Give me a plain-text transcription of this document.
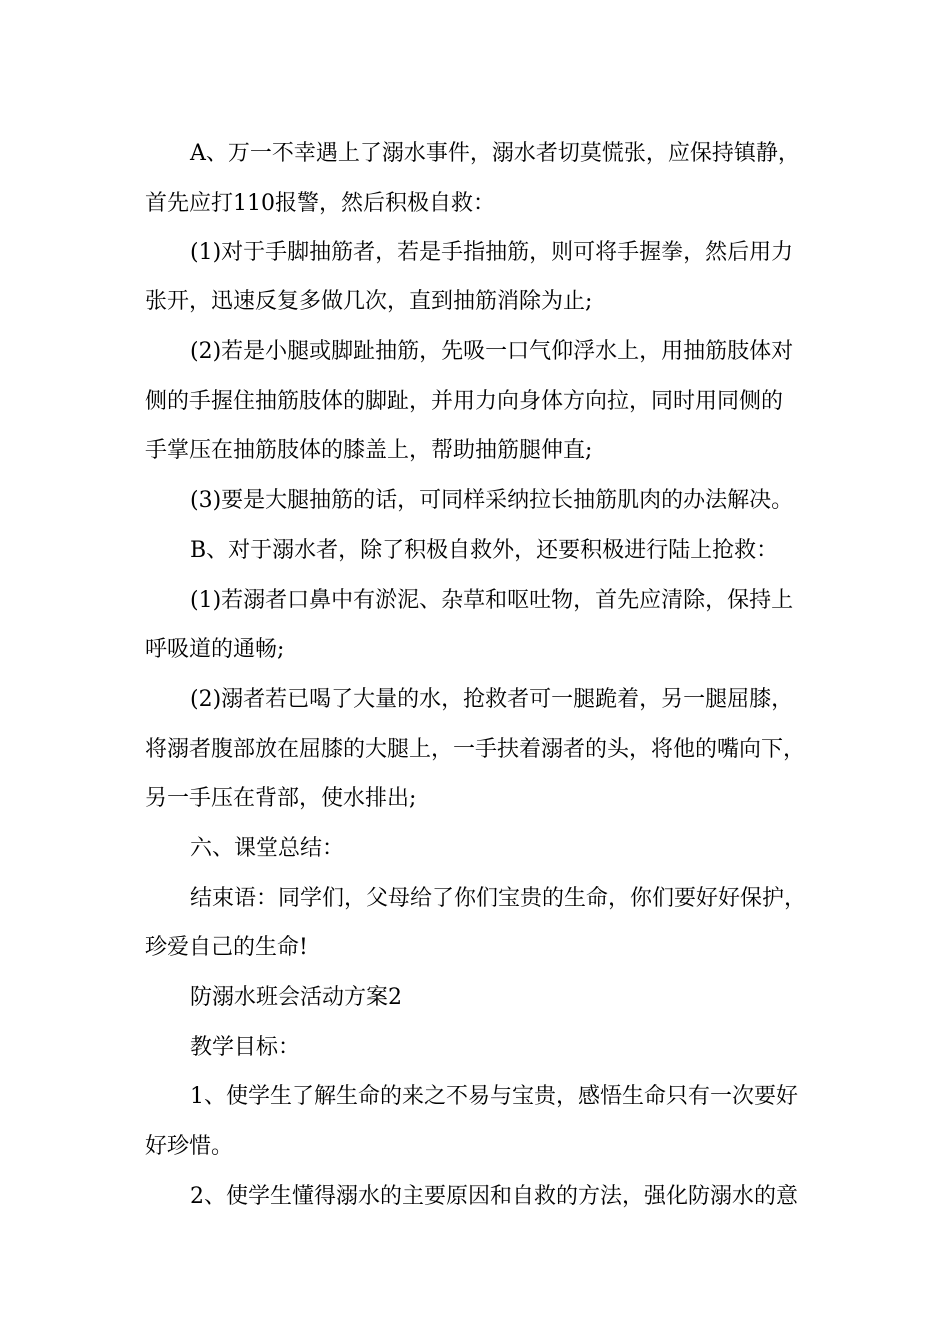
A、万一不幸遇上了溺水事件，溺水者切莫慌张，应保持镇静，
首先应打110报警，然后积极自救：
(1)对于手脚抽筋者，若是手指抽筋，则可将手握拳，然后用力
张开，迅速反复多做几次，直到抽筋消除为止;
(2)若是小腿或脚趾抽筋，先吸一口气仰浮水上，用抽筋肢体对
侧的手握住抽筋肢体的脚趾，并用力向身体方向拉，同时用同侧的
手掌压在抽筋肢体的膝盖上，帮助抽筋腿伸直;
(3)要是大腿抽筋的话，可同样采纳拉长抽筋肌肉的办法解决。
B、对于溺水者，除了积极自救外，还要积极进行陆上抢救：
(1)若溺者口鼻中有淤泥、杂草和呕吐物，首先应清除，保持上
呼吸道的通畅;
(2)溺者若已喝了大量的水，抢救者可一腿跪着，另一腿屈膝，
将溺者腹部放在屈膝的大腿上，一手扶着溺者的头，将他的嘴向下，
另一手压在背部，使水排出;
六、课堂总结：
结束语：同学们，父母给了你们宝贵的生命，你们要好好保护，
珍爱自己的生命!
防溺水班会活动方案2
教学目标：
1、使学生了解生命的来之不易与宝贵，感悟生命只有一次要好
好珍惜。
2、使学生懂得溺水的主要原因和自救的方法，强化防溺水的意
